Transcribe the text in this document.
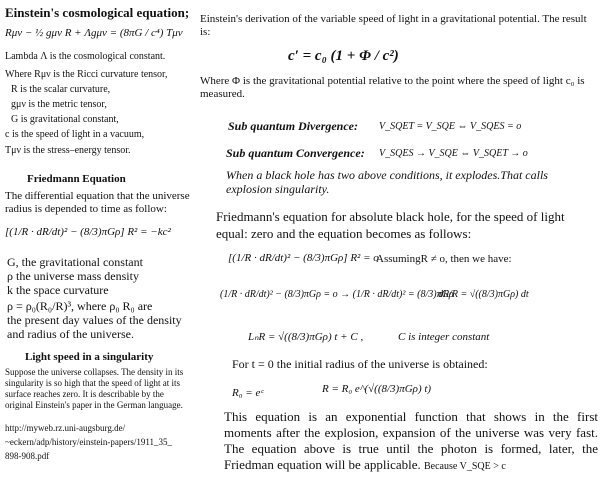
Einstein's cosmological equation;
Rμν − ½ gμν R + Λgμν = (8πG / c⁴) Tμν
Lambda Λ is the cosmological constant.
Where Rμν is the Ricci curvature tensor,
R is the scalar curvature,
gμν is the metric tensor,
G is gravitational constant,
c is the speed of light in a vacuum,
Tμν is the stress–energy tensor.
Friedmann Equation
The differential equation that the universe radius is depended to time as follow:
[(1/R · dR/dt)² − (8/3)πGρ] R² = −kc²
G, the gravitational constant
ρ the universe mass density
k the space curvature
ρ = ρ₀(R₀/R)³, where ρ₀ R₀ are
the present day values of the density
and radius of the universe.
Light speed in a singularity
Suppose the universe collapses. The density in its singularity is so high that the speed of light at its surface reaches zero. It is describable by the original Einstein's paper in the German language.
http://myweb.rz.uni-augsburg.de/
~eckern/adp/history/einstein-papers/1911_35_
898-908.pdf
Einstein's derivation of the variable speed of light in a gravitational potential. The result is:
c′ = c₀ (1 + Φ / c²)
Where Φ is the gravitational potential relative to the point where the speed of light c₀ is measured.
Sub quantum Divergence: V_SQET = V_SQE ⇔ V_SQES = o
Sub quantum Convergence: V_SQES → V_SQE ⇔ V_SQET → o
When a black hole has two above conditions, it explodes.That calls explosion singularity.
Friedmann's equation for absolute black hole, for the speed of light equal: zero and the equation becomes as follows:
[(1/R · dR/dt)² − (8/3)πGρ] R² = o
AssumingR ≠ o, then we have:
(1/R · dR/dt)² − (8/3)πGρ = o → (1/R · dR/dt)² = (8/3)πGρ
dR/R = √((8/3)πGρ) dt
LₙR = √((8/3)πGρ) t + C ,	C is integer constant
For t = 0 the initial radius of the universe is obtained:
R₀ = eᶜ	R = R₀ e^(√((8/3)πGρ) t)
This equation is an exponential function that shows in the first moments after the explosion, expansion of the universe was very fast. The equation above is true until the photon is formed, later, the Friedman equation will be applicable. Because V_SQE > c
